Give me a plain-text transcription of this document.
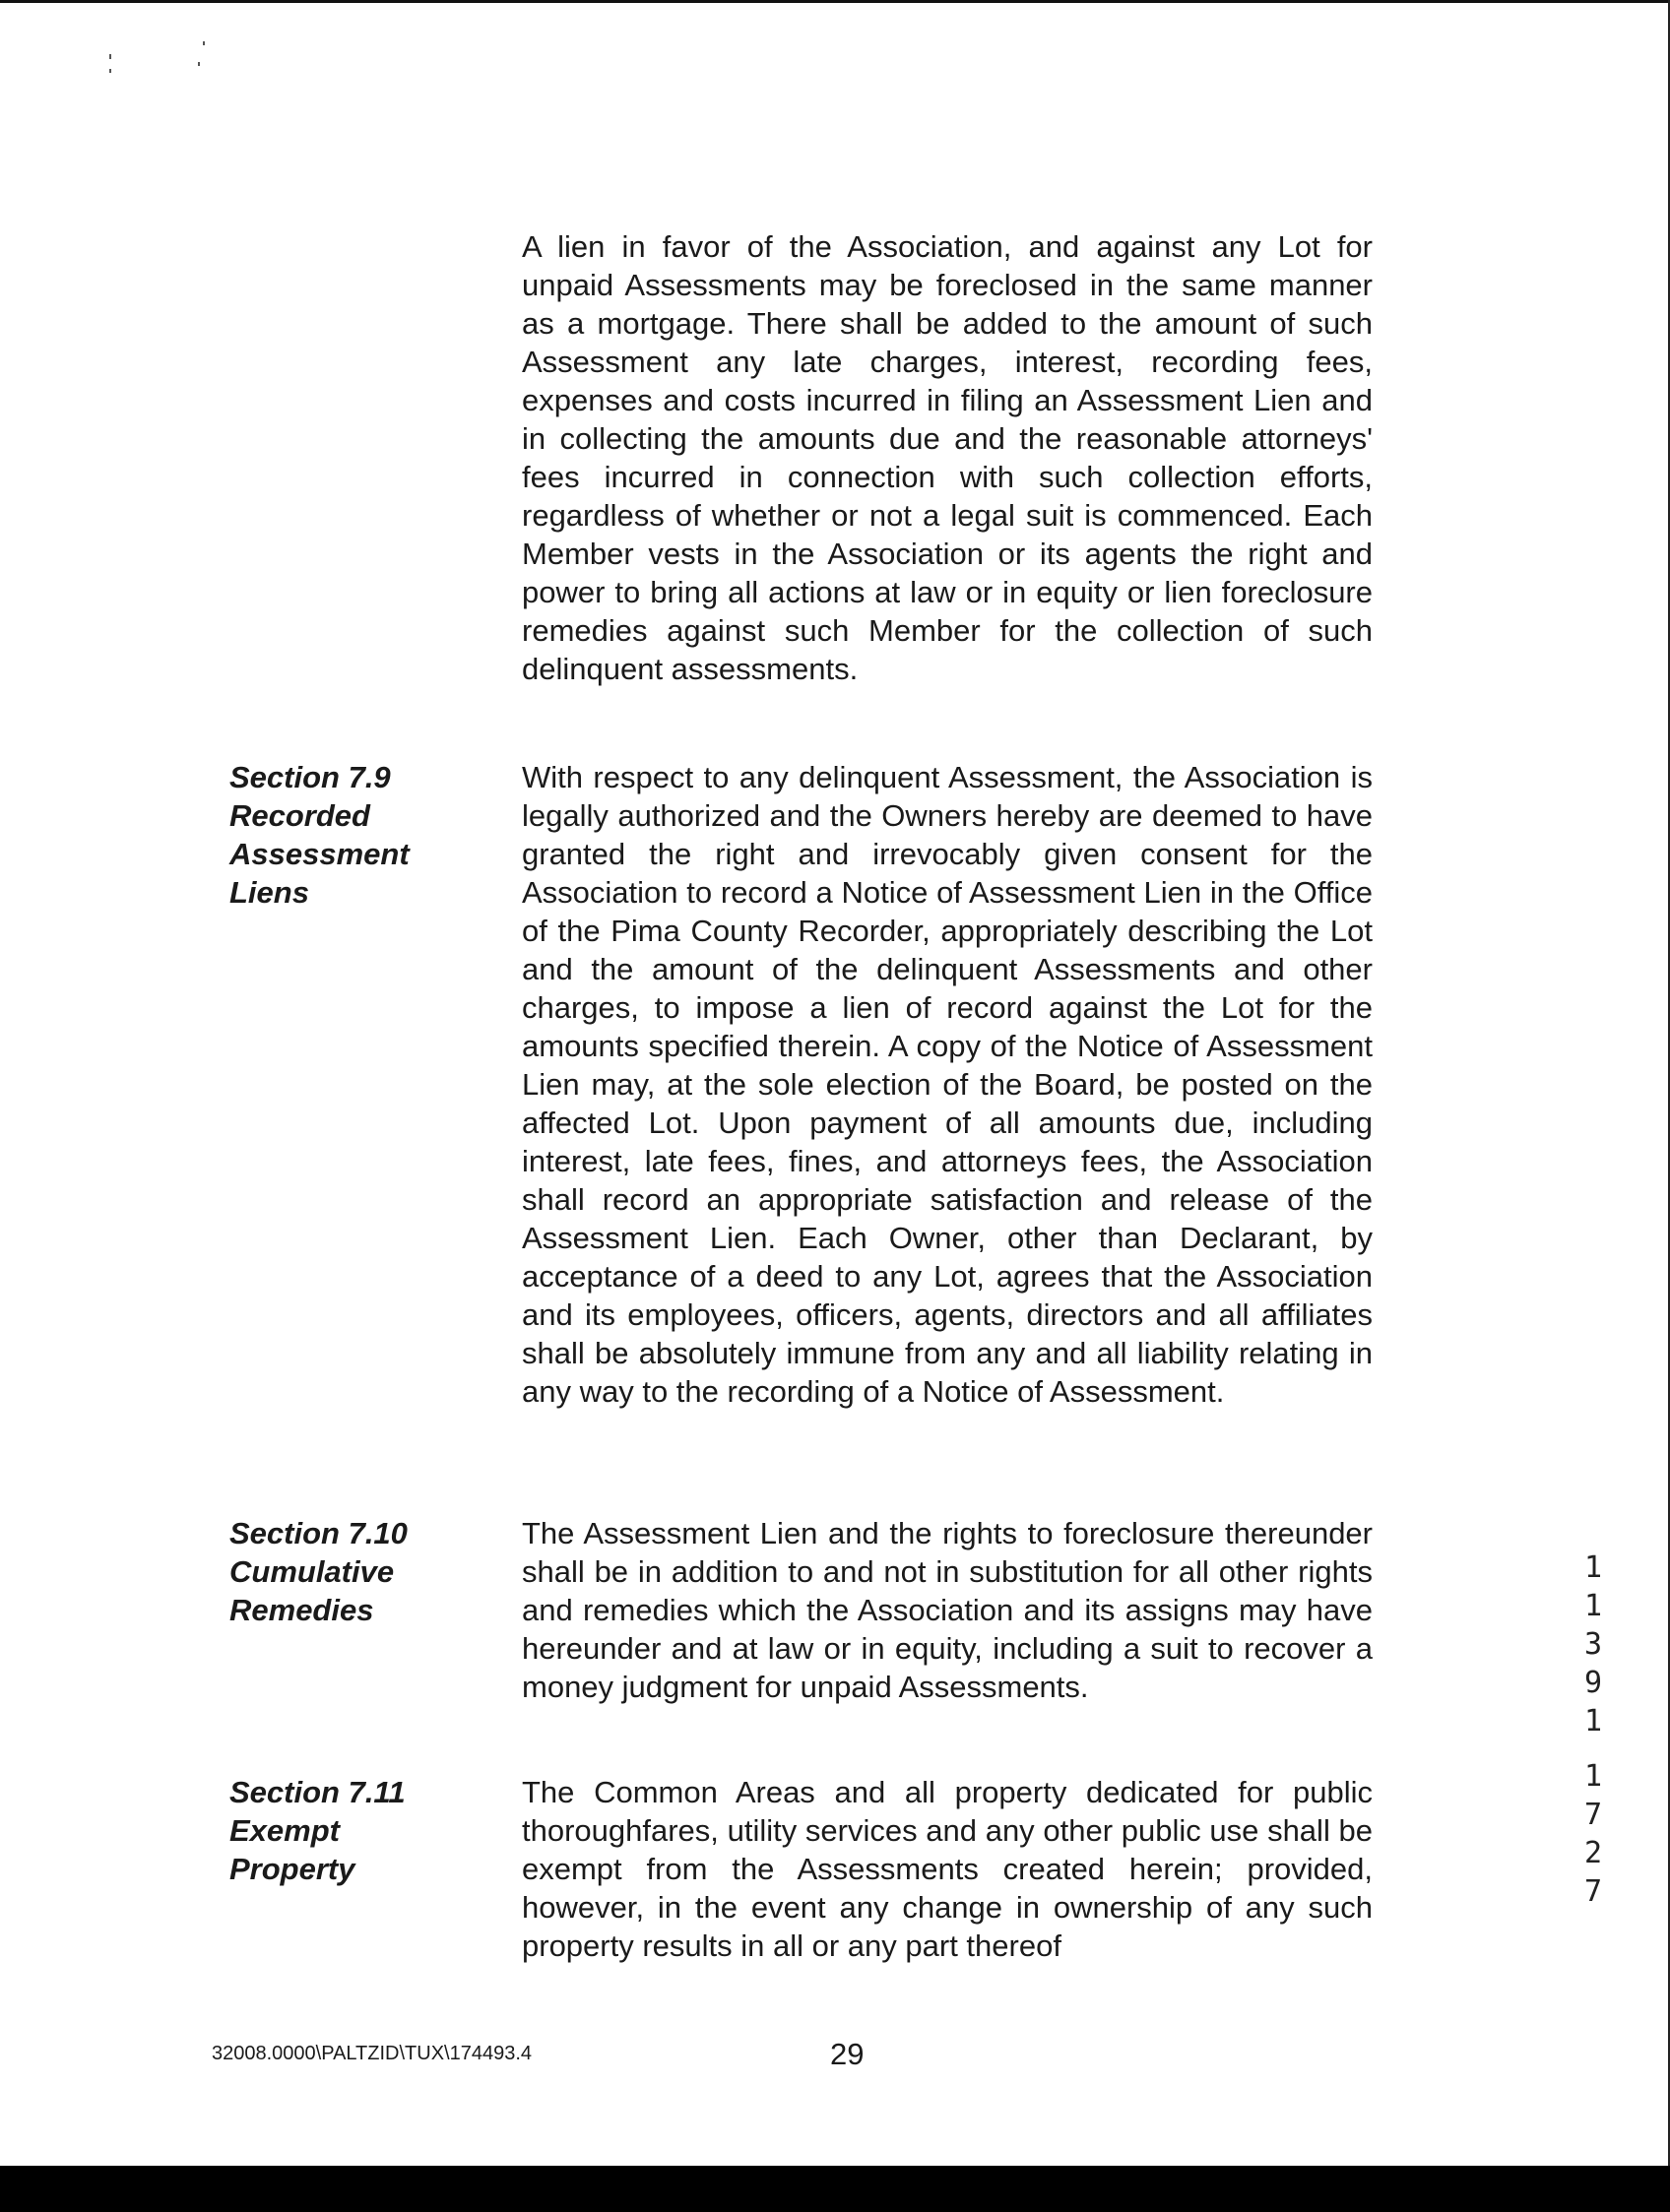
A lien in favor of the Association, and against any Lot for unpaid Assessments may be foreclosed in the same manner as a mortgage. There shall be added to the amount of such Assessment any late charges, interest, recording fees, expenses and costs incurred in filing an Assessment Lien and in collecting the amounts due and the reasonable attorneys' fees incurred in connection with such collection efforts, regardless of whether or not a legal suit is commenced. Each Member vests in the Association or its agents the right and power to bring all actions at law or in equity or lien foreclosure remedies against such Member for the collection of such delinquent assessments.

Section 7.9
Recorded
Assessment
Liens

With respect to any delinquent Assessment, the Association is legally authorized and the Owners hereby are deemed to have granted the right and irrevocably given consent for the Association to record a Notice of Assessment Lien in the Office of the Pima County Recorder, appropriately describing the Lot and the amount of the delinquent Assessments and other charges, to impose a lien of record against the Lot for the amounts specified therein. A copy of the Notice of Assessment Lien may, at the sole election of the Board, be posted on the affected Lot. Upon payment of all amounts due, including interest, late fees, fines, and attorneys fees, the Association shall record an appropriate satisfaction and release of the Assessment Lien. Each Owner, other than Declarant, by acceptance of a deed to any Lot, agrees that the Association and its employees, officers, agents, directors and all affiliates shall be absolutely immune from any and all liability relating in any way to the recording of a Notice of Assessment.

Section 7.10
Cumulative
Remedies

The Assessment Lien and the rights to foreclosure thereunder shall be in addition to and not in substitution for all other rights and remedies which the Association and its assigns may have hereunder and at law or in equity, including a suit to recover a money judgment for unpaid Assessments.

Section 7.11
Exempt
Property

The Common Areas and all property dedicated for public thoroughfares, utility services and any other public use shall be exempt from the Assessments created herein; provided, however, in the event any change in ownership of any such property results in all or any part thereof

1
1
3
9
1
1
7
2
7
32008.0000\PALTZID\TUX\174493.4	29
